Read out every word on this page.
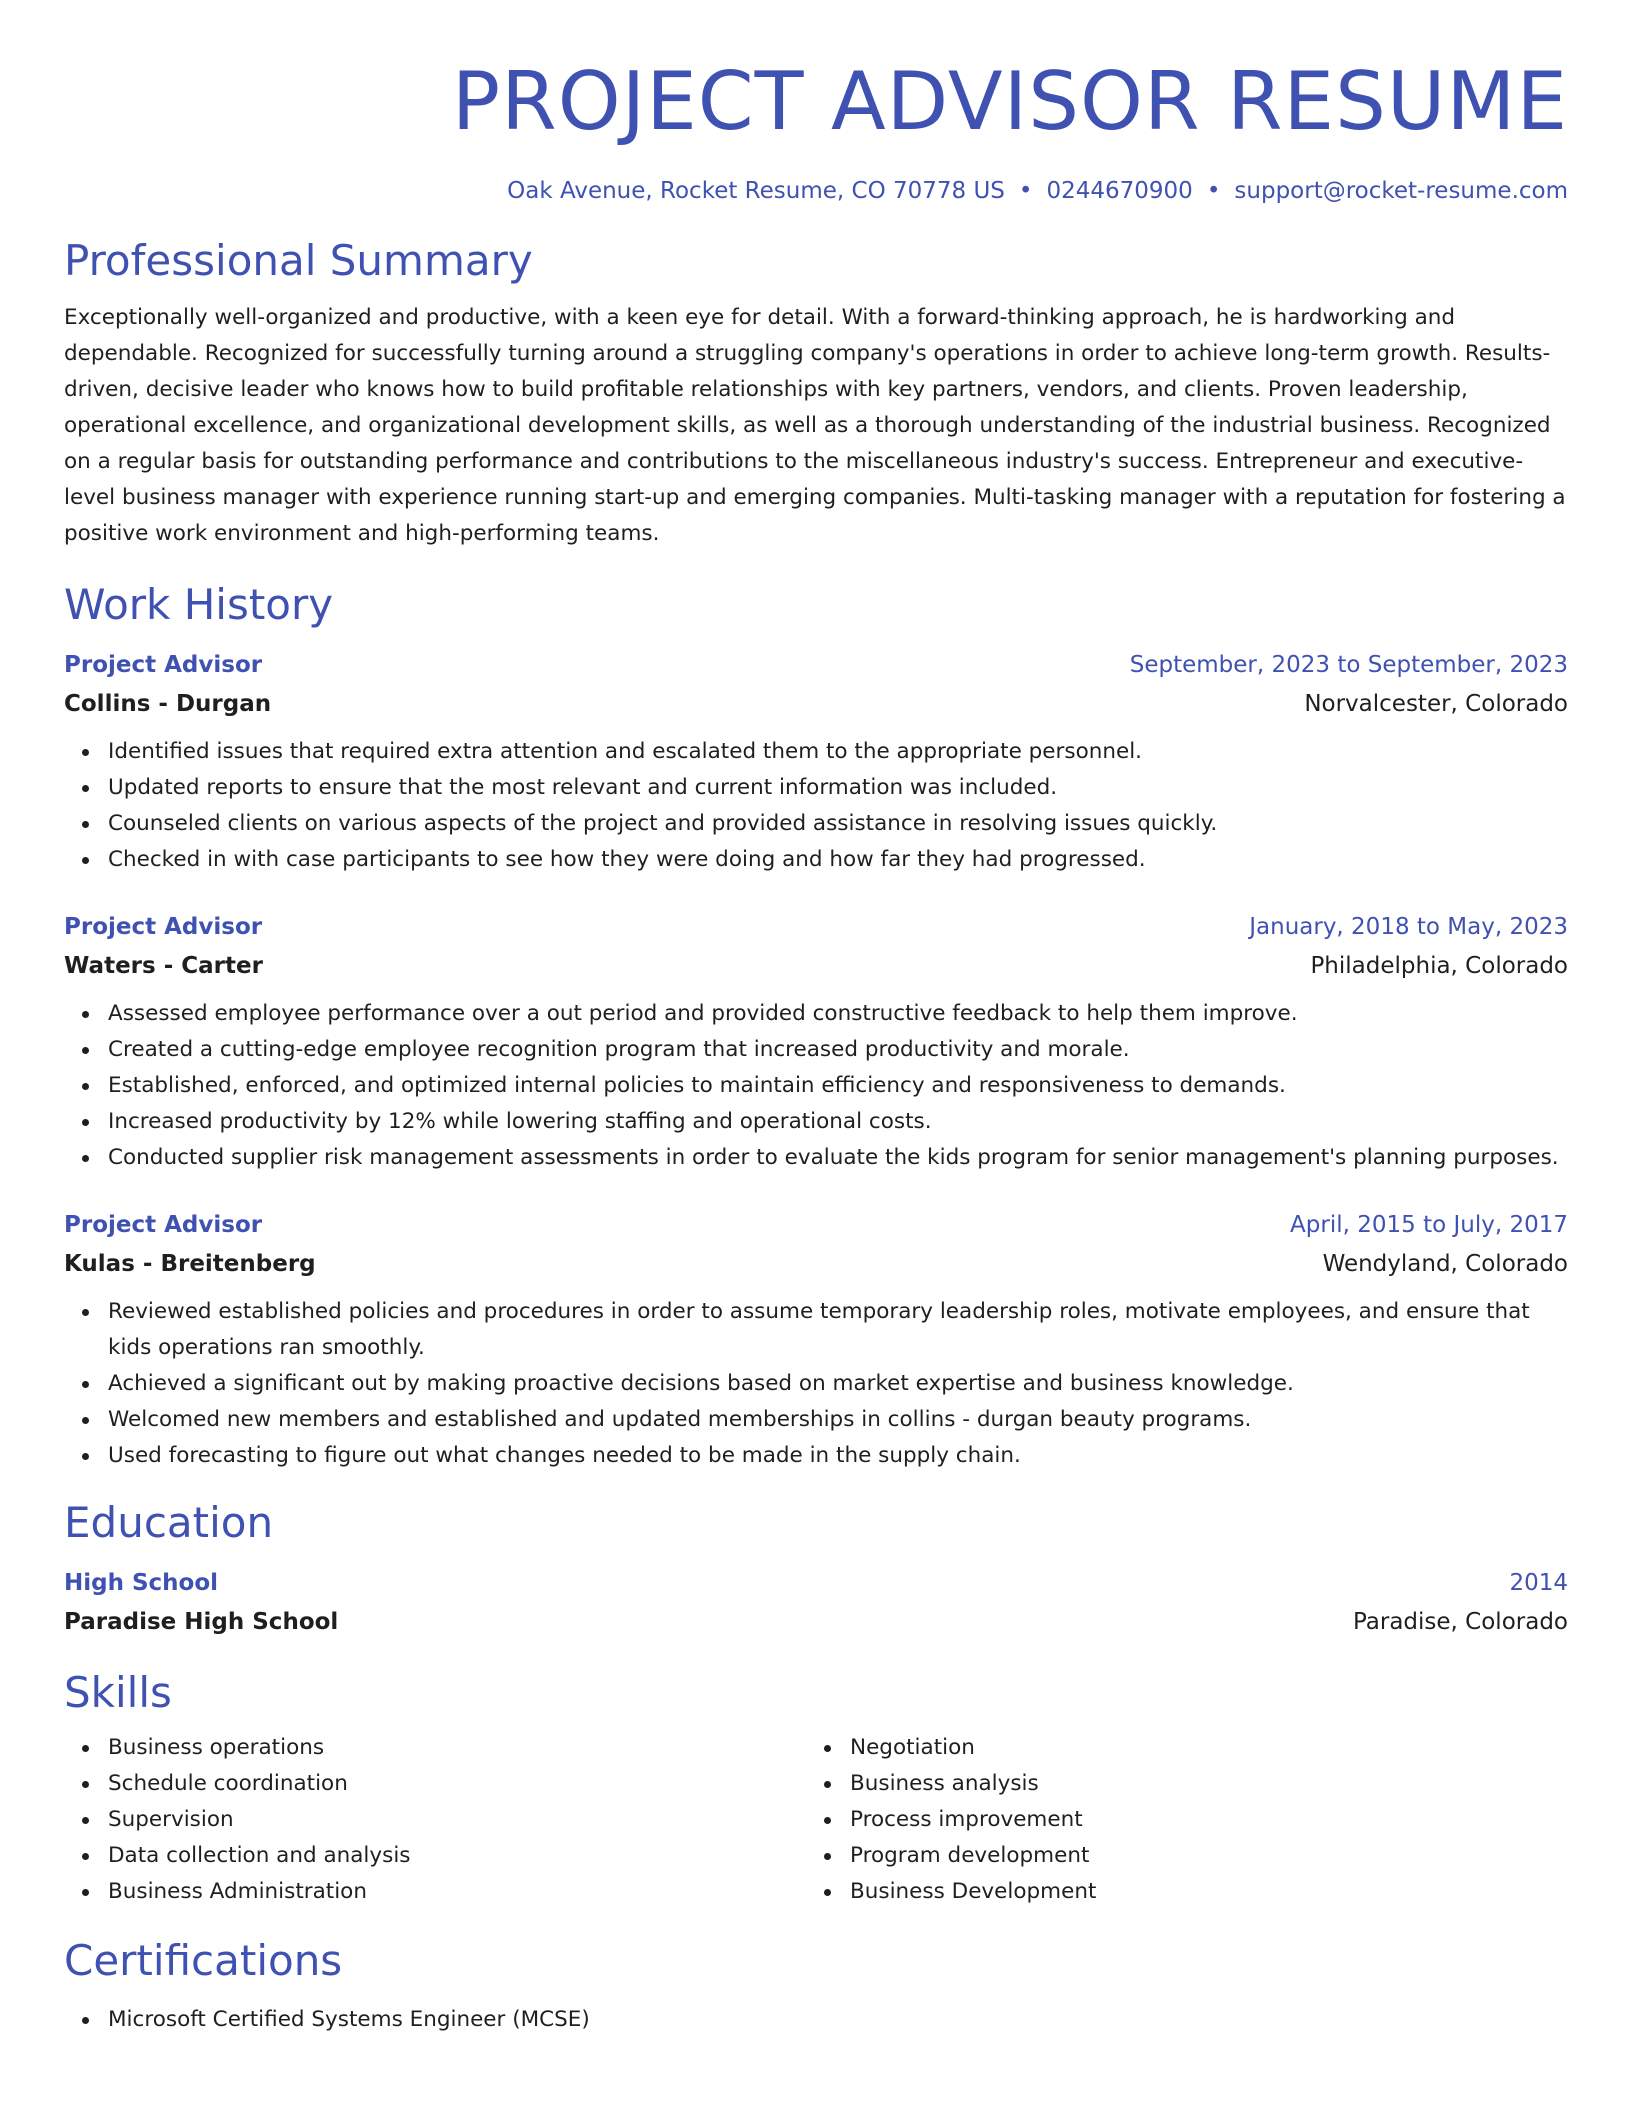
PROJECT ADVISOR RESUME
Oak Avenue, Rocket Resume, CO 70778 US • 0244670900 • support@rocket-resume.com
Professional Summary

Exceptionally well-organized and productive, with a keen eye for detail. With a forward-thinking approach, he is hardworking and dependable. Recognized for successfully turning around a struggling company's operations in order to achieve long-term growth. Results-driven, decisive leader who knows how to build profitable relationships with key partners, vendors, and clients. Proven leadership, operational excellence, and organizational development skills, as well as a thorough understanding of the industrial business. Recognized on a regular basis for outstanding performance and contributions to the miscellaneous industry's success. Entrepreneur and executive-level business manager with experience running start-up and emerging companies. Multi-tasking manager with a reputation for fostering a positive work environment and high-performing teams.

Work History
Project Advisor	September, 2023 to September, 2023
Collins - Durgan	Norvalcester, Colorado
Identified issues that required extra attention and escalated them to the appropriate personnel.
Updated reports to ensure that the most relevant and current information was included.
Counseled clients on various aspects of the project and provided assistance in resolving issues quickly.
Checked in with case participants to see how they were doing and how far they had progressed.
Project Advisor	January, 2018 to May, 2023
Waters - Carter	Philadelphia, Colorado
Assessed employee performance over a out period and provided constructive feedback to help them improve.
Created a cutting-edge employee recognition program that increased productivity and morale.
Established, enforced, and optimized internal policies to maintain efficiency and responsiveness to demands.
Increased productivity by 12% while lowering staffing and operational costs.
Conducted supplier risk management assessments in order to evaluate the kids program for senior management's planning purposes.
Project Advisor	April, 2015 to July, 2017
Kulas - Breitenberg	Wendyland, Colorado
Reviewed established policies and procedures in order to assume temporary leadership roles, motivate employees, and ensure that kids operations ran smoothly.
Achieved a significant out by making proactive decisions based on market expertise and business knowledge.
Welcomed new members and established and updated memberships in collins - durgan beauty programs.
Used forecasting to figure out what changes needed to be made in the supply chain.
Education
High School	2014
Paradise High School	Paradise, Colorado
Skills
Business operations
Schedule coordination
Supervision
Data collection and analysis
Business Administration
Negotiation
Business analysis
Process improvement
Program development
Business Development
Certifications
Microsoft Certified Systems Engineer (MCSE)
